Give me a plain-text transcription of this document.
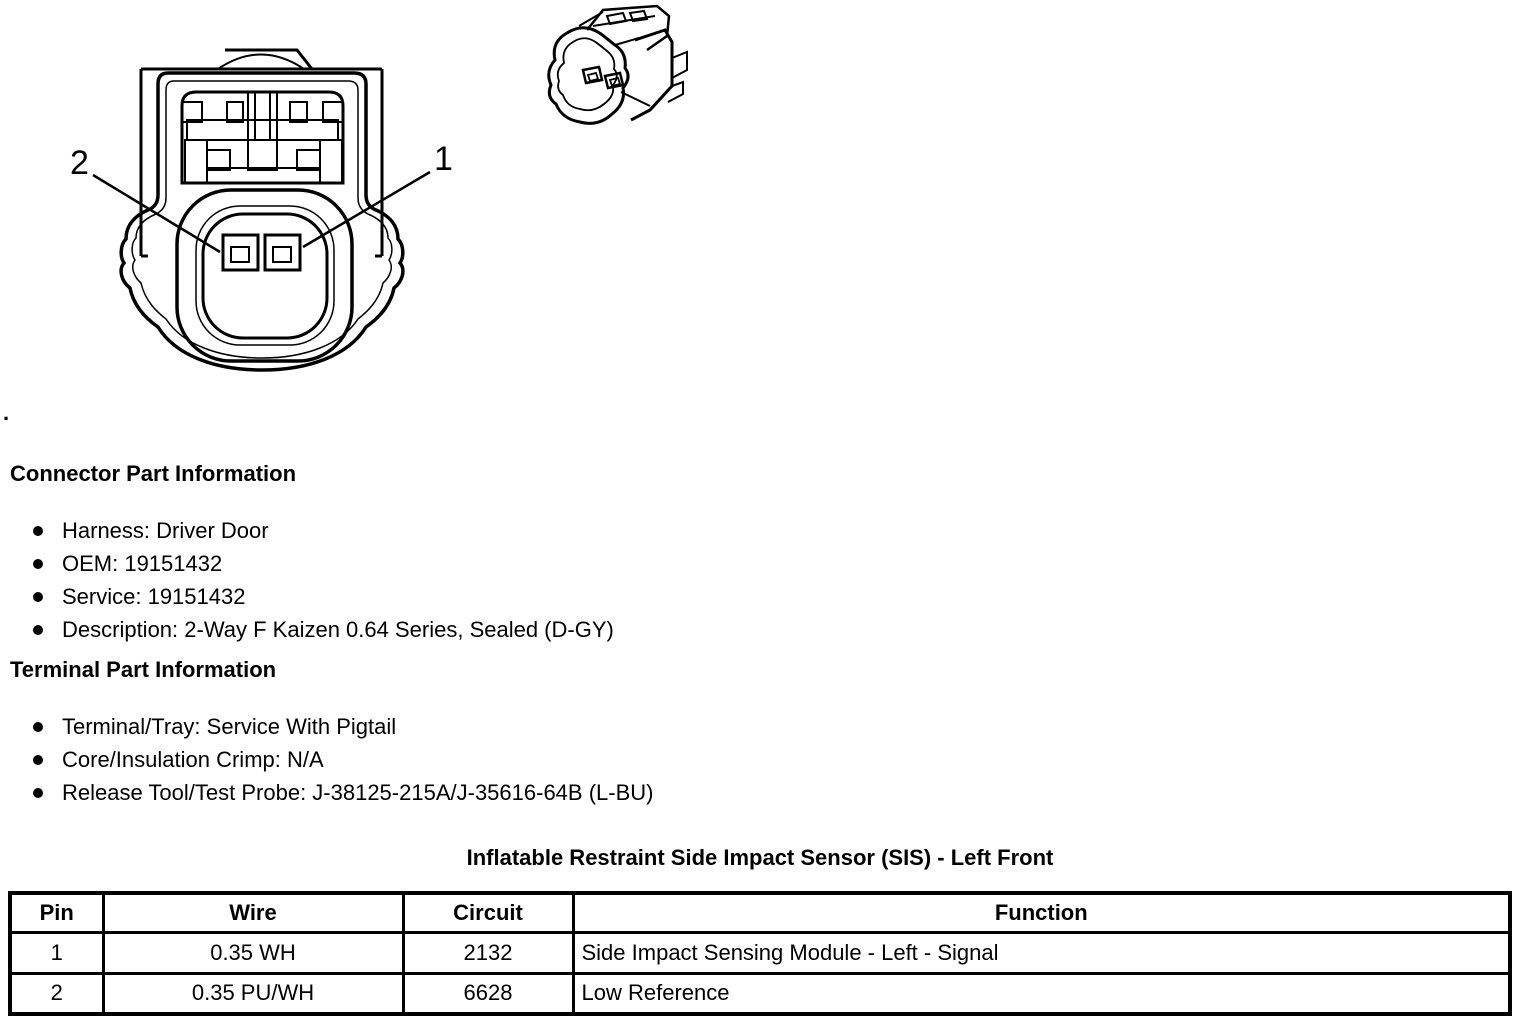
2	1
.
Connector Part Information
Harness: Driver Door
OEM: 19151432
Service: 19151432
Description: 2-Way F Kaizen 0.64 Series, Sealed (D-GY)
Terminal Part Information
Terminal/Tray: Service With Pigtail
Core/Insulation Crimp: N/A
Release Tool/Test Probe: J-38125-215A/J-35616-64B (L-BU)
Inflatable Restraint Side Impact Sensor (SIS) - Left Front
Pin	Wire	Circuit	Function
1	0.35 WH	2132	Side Impact Sensing Module - Left - Signal
2	0.35 PU/WH	6628	Low Reference
